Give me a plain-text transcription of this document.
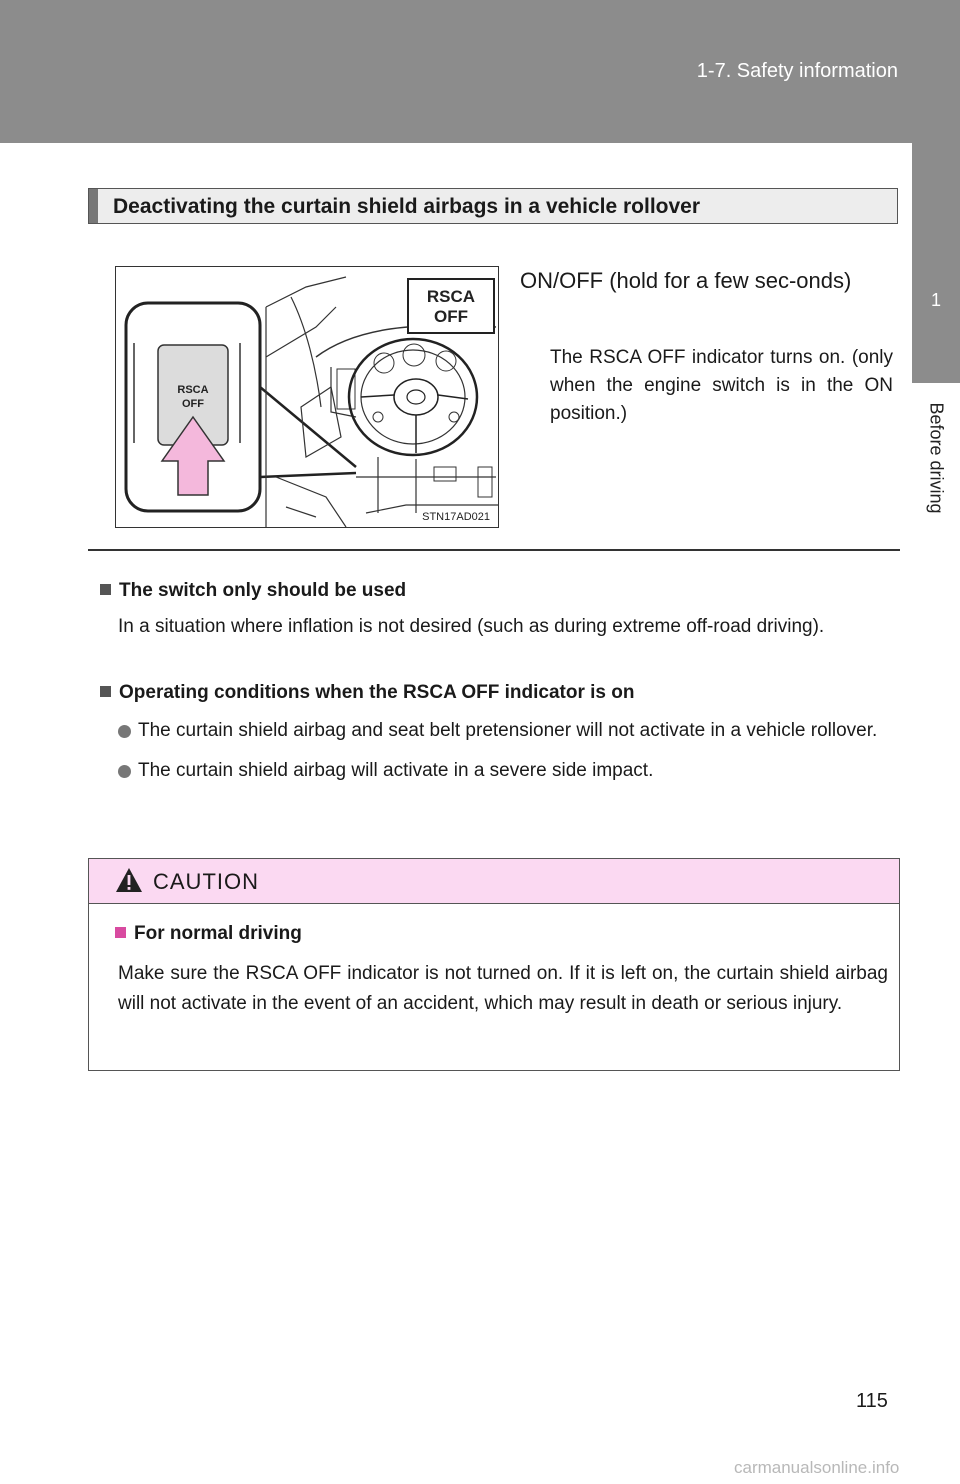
1-7. Safety information
1
Before driving
Deactivating the curtain shield airbags in a vehicle rollover
RSCA
OFF
RSCA
OFF
STN17AD021
ON/OFF (hold for a few sec-onds)
The RSCA OFF indicator turns on. (only when the engine switch is in the ON position.)
The switch only should be used
In a situation where inflation is not desired (such as during extreme off-road driving).
Operating conditions when the RSCA OFF indicator is on
The curtain shield airbag and seat belt pretensioner will not activate in a vehicle rollover.
The curtain shield airbag will activate in a severe side impact.
CAUTION
For normal driving
Make sure the RSCA OFF indicator is not turned on. If it is left on, the curtain shield airbag will not activate in the event of an accident, which may result in death or serious injury.
115
carmanualsonline.info
